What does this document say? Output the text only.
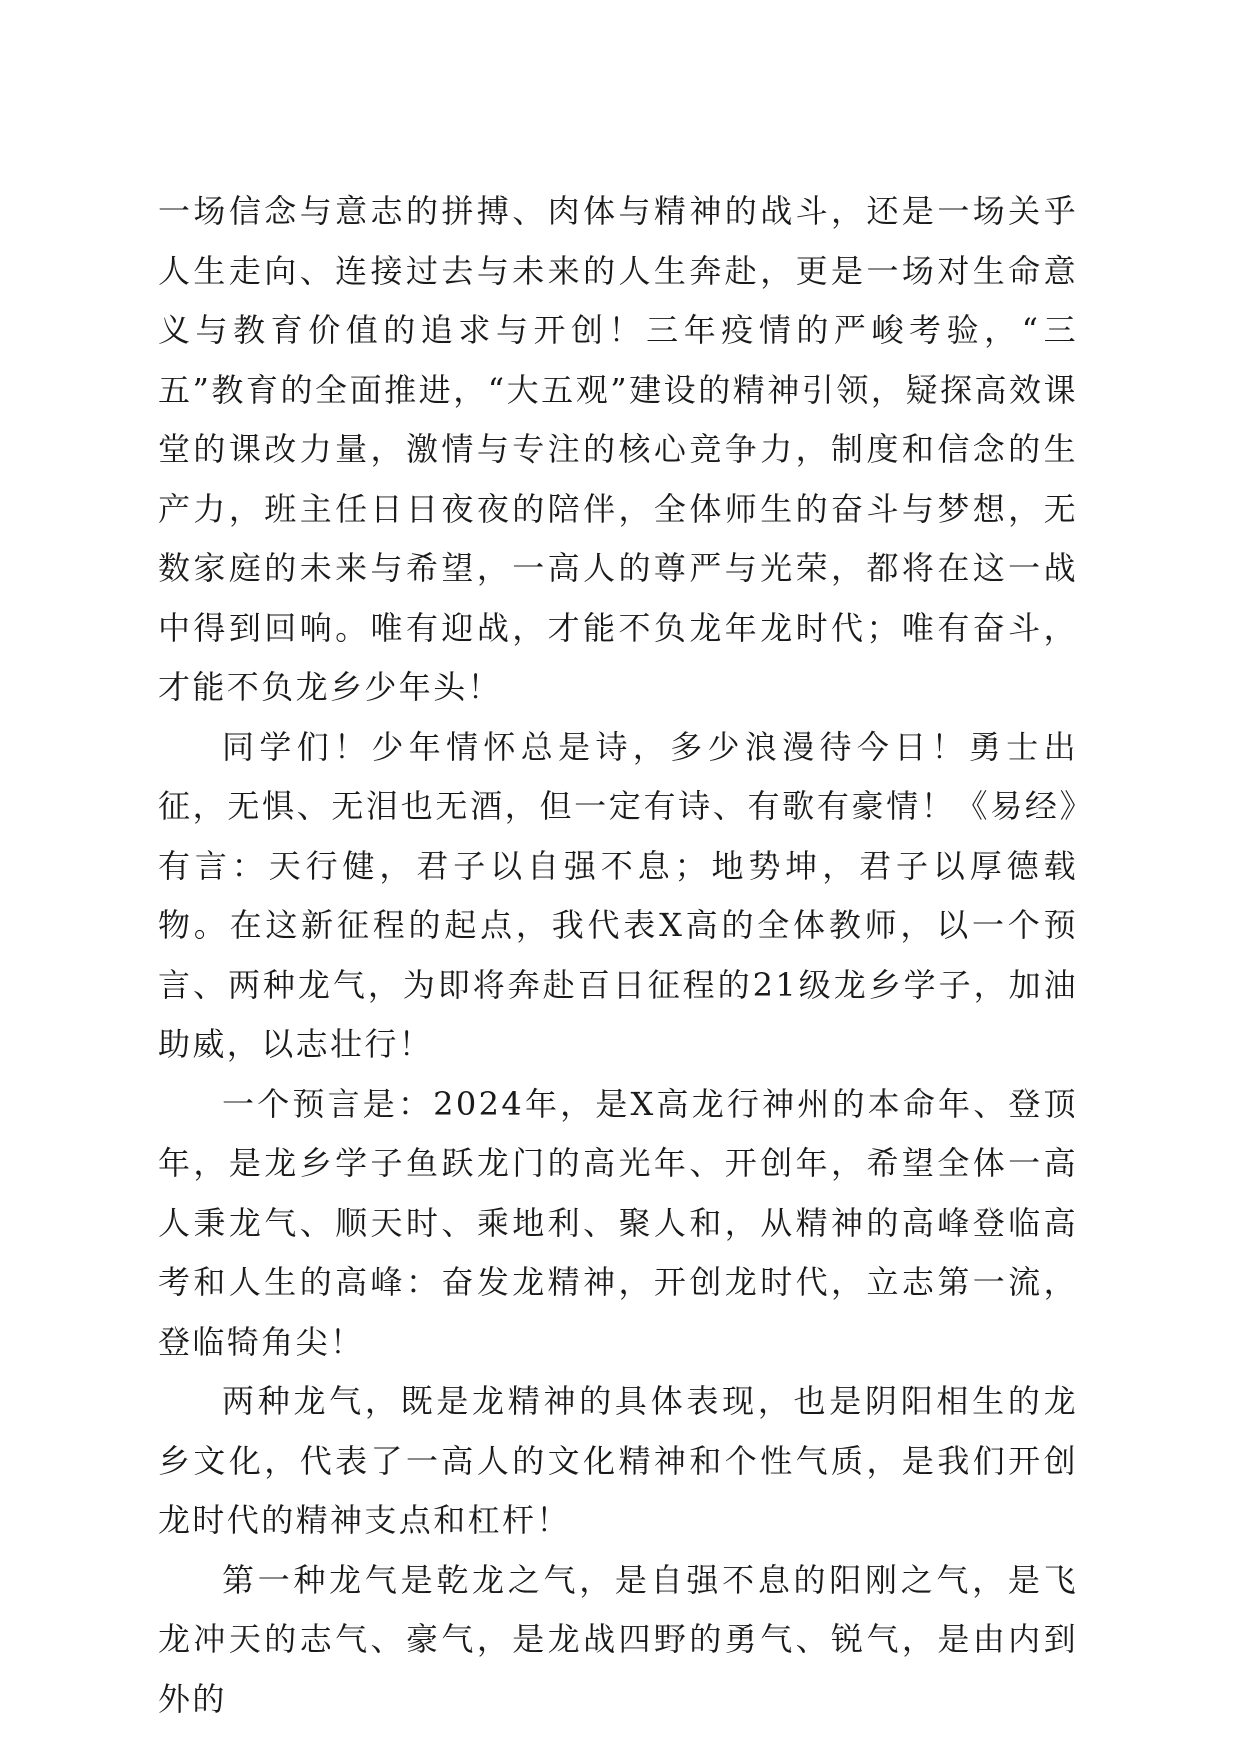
一场信念与意志的拼搏、肉体与精神的战斗，还是一场关乎人生走向、连接过去与未来的人生奔赴，更是一场对生命意义与教育价值的追求与开创！三年疫情的严峻考验，“三五”教育的全面推进，“大五观”建设的精神引领，疑探高效课堂的课改力量，激情与专注的核心竞争力，制度和信念的生产力，班主任日日夜夜的陪伴，全体师生的奋斗与梦想，无数家庭的未来与希望，一高人的尊严与光荣，都将在这一战中得到回响。唯有迎战，才能不负龙年龙时代；唯有奋斗，才能不负龙乡少年头！

同学们！少年情怀总是诗，多少浪漫待今日！勇士出征，无惧、无泪也无酒，但一定有诗、有歌有豪情！《易经》有言：天行健，君子以自强不息；地势坤，君子以厚德载物。在这新征程的起点，我代表X高的全体教师，以一个预言、两种龙气，为即将奔赴百日征程的21级龙乡学子，加油助威，以志壮行！

一个预言是：2024年，是X高龙行神州的本命年、登顶年，是龙乡学子鱼跃龙门的高光年、开创年，希望全体一高人秉龙气、顺天时、乘地利、聚人和，从精神的高峰登临高考和人生的高峰：奋发龙精神，开创龙时代，立志第一流，登临犄角尖！

两种龙气，既是龙精神的具体表现，也是阴阳相生的龙乡文化，代表了一高人的文化精神和个性气质，是我们开创龙时代的精神支点和杠杆！

第一种龙气是乾龙之气，是自强不息的阳刚之气，是飞龙冲天的志气、豪气，是龙战四野的勇气、锐气，是由内到外的
